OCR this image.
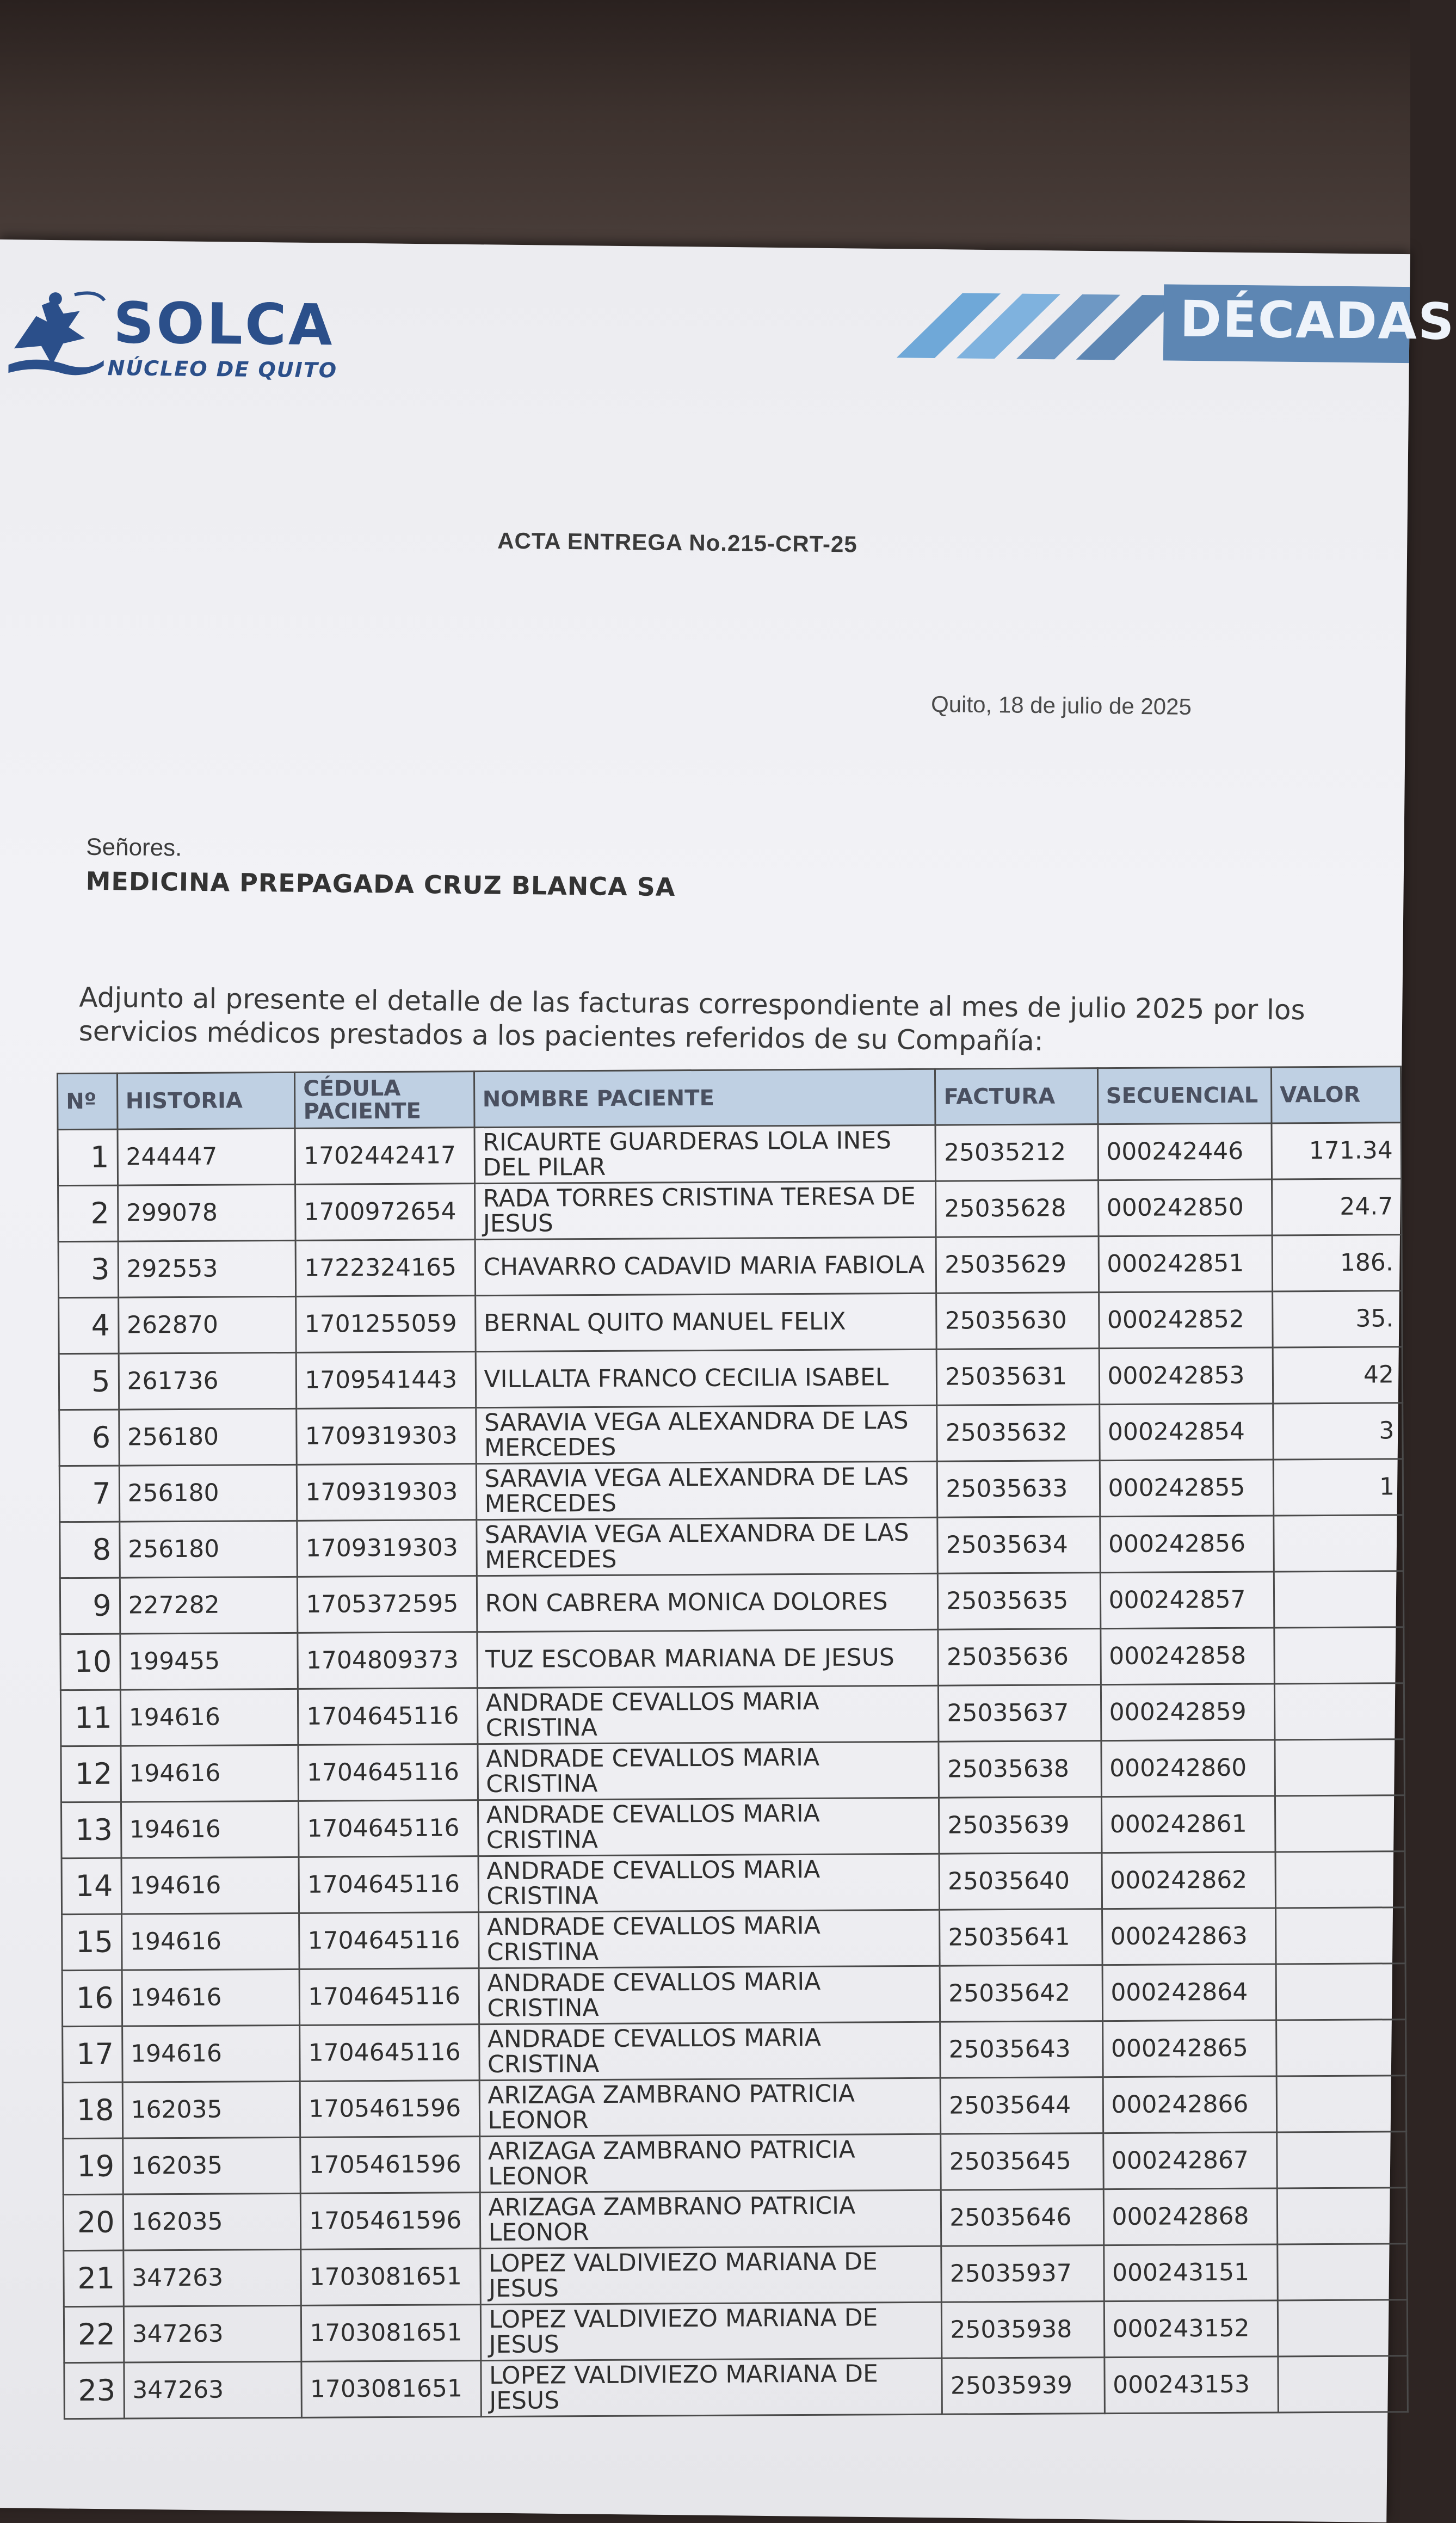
SOLCA
NÚCLEO DE QUITO
DÉCADAS
ACTA ENTREGA No.215-CRT-25
Quito, 18 de julio de 2025
Señores.
MEDICINA PREPAGADA CRUZ BLANCA SA
Adjunto al presente el detalle de las facturas correspondiente al mes de julio 2025 por los servicios médicos prestados a los pacientes referidos de su Compañía:
Nº	HISTORIA	CÉDULA PACIENTE	NOMBRE PACIENTE	FACTURA	SECUENCIAL	VALOR
1	244447	1702442417	RICAURTE GUARDERAS LOLA INES DEL PILAR	25035212	000242446	171.34
2	299078	1700972654	RADA TORRES CRISTINA TERESA DE JESUS	25035628	000242850	24.7
3	292553	1722324165	CHAVARRO CADAVID MARIA FABIOLA	25035629	000242851	186.
4	262870	1701255059	BERNAL QUITO MANUEL FELIX	25035630	000242852	35.
5	261736	1709541443	VILLALTA FRANCO CECILIA ISABEL	25035631	000242853	42
6	256180	1709319303	SARAVIA VEGA ALEXANDRA DE LAS MERCEDES	25035632	000242854	3
7	256180	1709319303	SARAVIA VEGA ALEXANDRA DE LAS MERCEDES	25035633	000242855	1
8	256180	1709319303	SARAVIA VEGA ALEXANDRA DE LAS MERCEDES	25035634	000242856	
9	227282	1705372595	RON CABRERA MONICA DOLORES	25035635	000242857	
10	199455	1704809373	TUZ ESCOBAR MARIANA DE JESUS	25035636	000242858	
11	194616	1704645116	ANDRADE CEVALLOS MARIA CRISTINA	25035637	000242859	
12	194616	1704645116	ANDRADE CEVALLOS MARIA CRISTINA	25035638	000242860	
13	194616	1704645116	ANDRADE CEVALLOS MARIA CRISTINA	25035639	000242861	
14	194616	1704645116	ANDRADE CEVALLOS MARIA CRISTINA	25035640	000242862	
15	194616	1704645116	ANDRADE CEVALLOS MARIA CRISTINA	25035641	000242863	
16	194616	1704645116	ANDRADE CEVALLOS MARIA CRISTINA	25035642	000242864	
17	194616	1704645116	ANDRADE CEVALLOS MARIA CRISTINA	25035643	000242865	
18	162035	1705461596	ARIZAGA ZAMBRANO PATRICIA LEONOR	25035644	000242866	
19	162035	1705461596	ARIZAGA ZAMBRANO PATRICIA LEONOR	25035645	000242867	
20	162035	1705461596	ARIZAGA ZAMBRANO PATRICIA LEONOR	25035646	000242868	
21	347263	1703081651	LOPEZ VALDIVIEZO MARIANA DE JESUS	25035937	000243151	
22	347263	1703081651	LOPEZ VALDIVIEZO MARIANA DE JESUS	25035938	000243152	
23	347263	1703081651	LOPEZ VALDIVIEZO MARIANA DE JESUS	25035939	000243153	
